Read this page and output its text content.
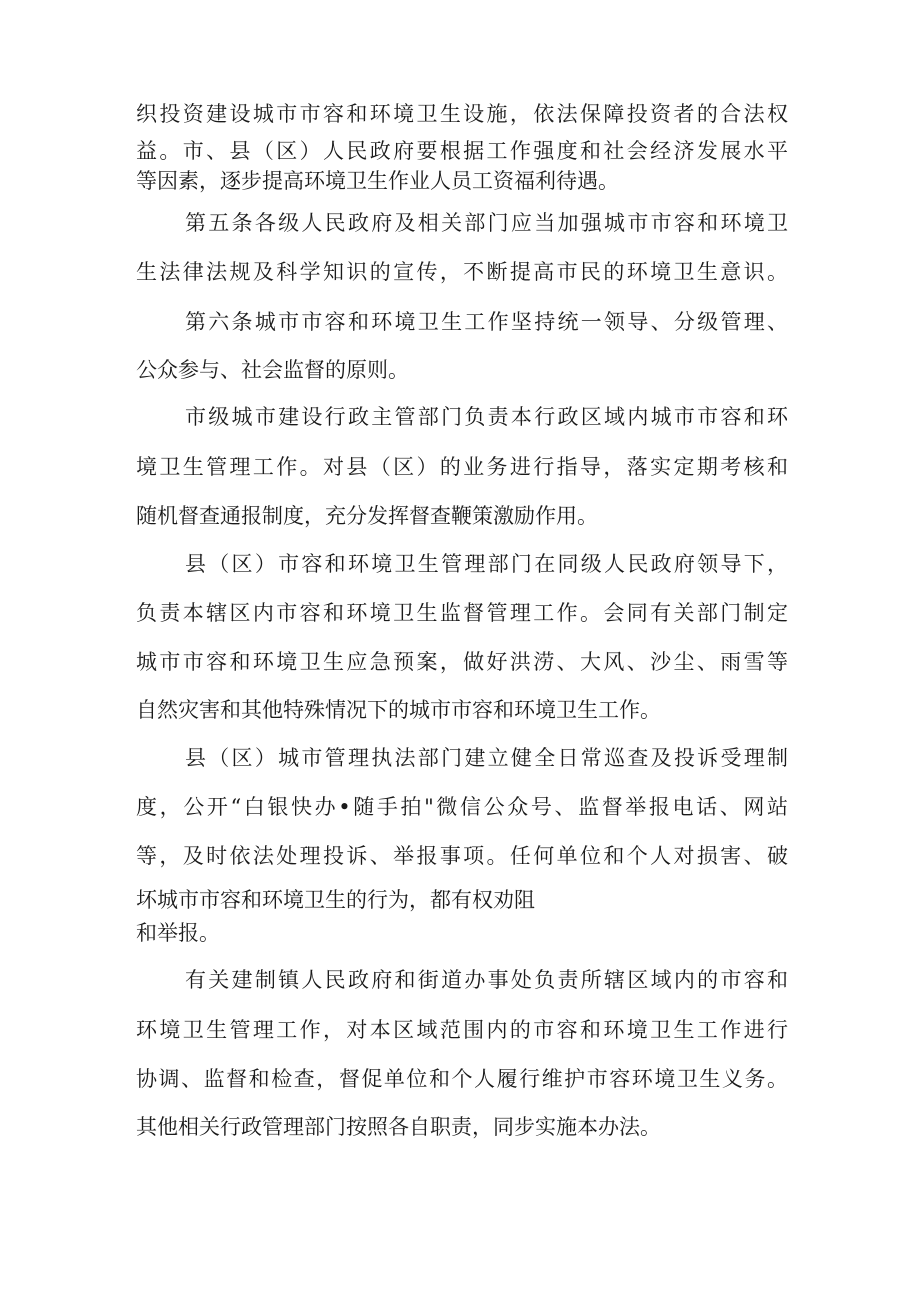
织投资建设城市市容和环境卫生设施，依法保障投资者的合法权

益。市、县（区）人民政府要根据工作强度和社会经济发展水平

等因素，逐步提高环境卫生作业人员工资福利待遇。

第五条各级人民政府及相关部门应当加强城市市容和环境卫

生法律法规及科学知识的宣传，不断提高市民的环境卫生意识。

第六条城市市容和环境卫生工作坚持统一领导、分级管理、

公众参与、社会监督的原则。

市级城市建设行政主管部门负责本行政区域内城市市容和环

境卫生管理工作。对县（区）的业务进行指导，落实定期考核和

随机督查通报制度，充分发挥督查鞭策激励作用。

县（区）市容和环境卫生管理部门在同级人民政府领导下，

负责本辖区内市容和环境卫生监督管理工作。会同有关部门制定

城市市容和环境卫生应急预案，做好洪涝、大风、沙尘、雨雪等

自然灾害和其他特殊情况下的城市市容和环境卫生工作。

县（区）城市管理执法部门建立健全日常巡查及投诉受理制

度，公开“白银快办•随手拍"微信公众号、监督举报电话、网站

等，及时依法处理投诉、举报事项。任何单位和个人对损害、破

坏城市市容和环境卫生的行为，都有权劝阻

和举报。

有关建制镇人民政府和街道办事处负责所辖区域内的市容和

环境卫生管理工作，对本区域范围内的市容和环境卫生工作进行

协调、监督和检查，督促单位和个人履行维护市容环境卫生义务。

其他相关行政管理部门按照各自职责，同步实施本办法。
